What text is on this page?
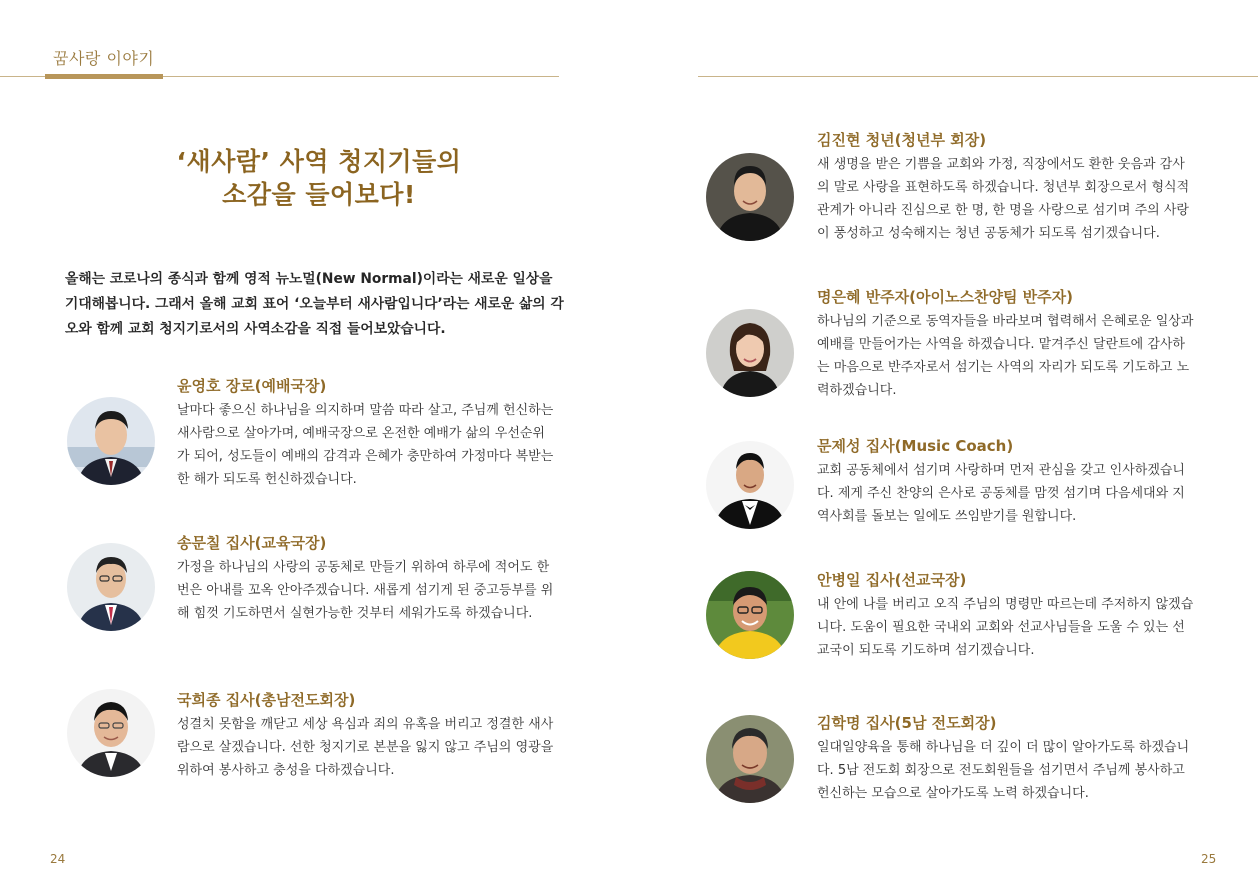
꿈사랑 이야기
‘새사람’ 사역 청지기들의
소감을 들어보다!
올해는 코로나의 종식과 함께 영적 뉴노멀(New Normal)이라는 새로운 일상을 기대해봅니다. 그래서 올해 교회 표어 ‘오늘부터 새사람입니다’라는 새로운 삶의 각오와 함께 교회 청지기로서의 사역소감을 직접 들어보았습니다.
윤영호 장로(예배국장)
날마다 좋으신 하나님을 의지하며 말씀 따라 살고, 주님께 헌신하는 새사람으로 살아가며, 예배국장으로 온전한 예배가 삶의 우선순위가 되어, 성도들이 예배의 감격과 은혜가 충만하여 가정마다 복받는 한 해가 되도록 헌신하겠습니다.
송문칠 집사(교육국장)
가정을 하나님의 사랑의 공동체로 만들기 위하여 하루에 적어도 한 번은 아내를 꼬옥 안아주겠습니다. 새롭게 섬기게 된 중고등부를 위해 힘껏 기도하면서 실현가능한 것부터 세워가도록 하겠습니다.
국희종 집사(총남전도회장)
성결치 못함을 깨닫고 세상 욕심과 죄의 유혹을 버리고 정결한 새사람으로 살겠습니다. 선한 청지기로 본분을 잃지 않고 주님의 영광을 위하여 봉사하고 충성을 다하겠습니다.
24
김진현 청년(청년부 회장)
새 생명을 받은 기쁨을 교회와 가정, 직장에서도 환한 웃음과 감사의 말로 사랑을 표현하도록 하겠습니다. 청년부 회장으로서 형식적 관계가 아니라 진심으로 한 명, 한 명을 사랑으로 섬기며 주의 사랑이 풍성하고 성숙해지는 청년 공동체가 되도록 섬기겠습니다.
명은혜 반주자(아이노스찬양팀 반주자)
하나님의 기준으로 동역자들을 바라보며 협력해서 은혜로운 일상과 예배를 만들어가는 사역을 하겠습니다. 맡겨주신 달란트에 감사하는 마음으로 반주자로서 섬기는 사역의 자리가 되도록 기도하고 노력하겠습니다.
문제성 집사(Music Coach)
교회 공동체에서 섬기며 사랑하며 먼저 관심을 갖고 인사하겠습니다. 제게 주신 찬양의 은사로 공동체를 맘껏 섬기며 다음세대와 지역사회를 돌보는 일에도 쓰임받기를 원합니다.
안병일 집사(선교국장)
내 안에 나를 버리고 오직 주님의 명령만 따르는데 주저하지 않겠습니다. 도움이 필요한 국내외 교회와 선교사님들을 도울 수 있는 선교국이 되도록 기도하며 섬기겠습니다.
김학명 집사(5남 전도회장)
일대일양육을 통해 하나님을 더 깊이 더 많이 알아가도록 하겠습니다. 5남 전도회 회장으로 전도회원들을 섬기면서 주님께 봉사하고 헌신하는 모습으로 살아가도록 노력 하겠습니다.
25
